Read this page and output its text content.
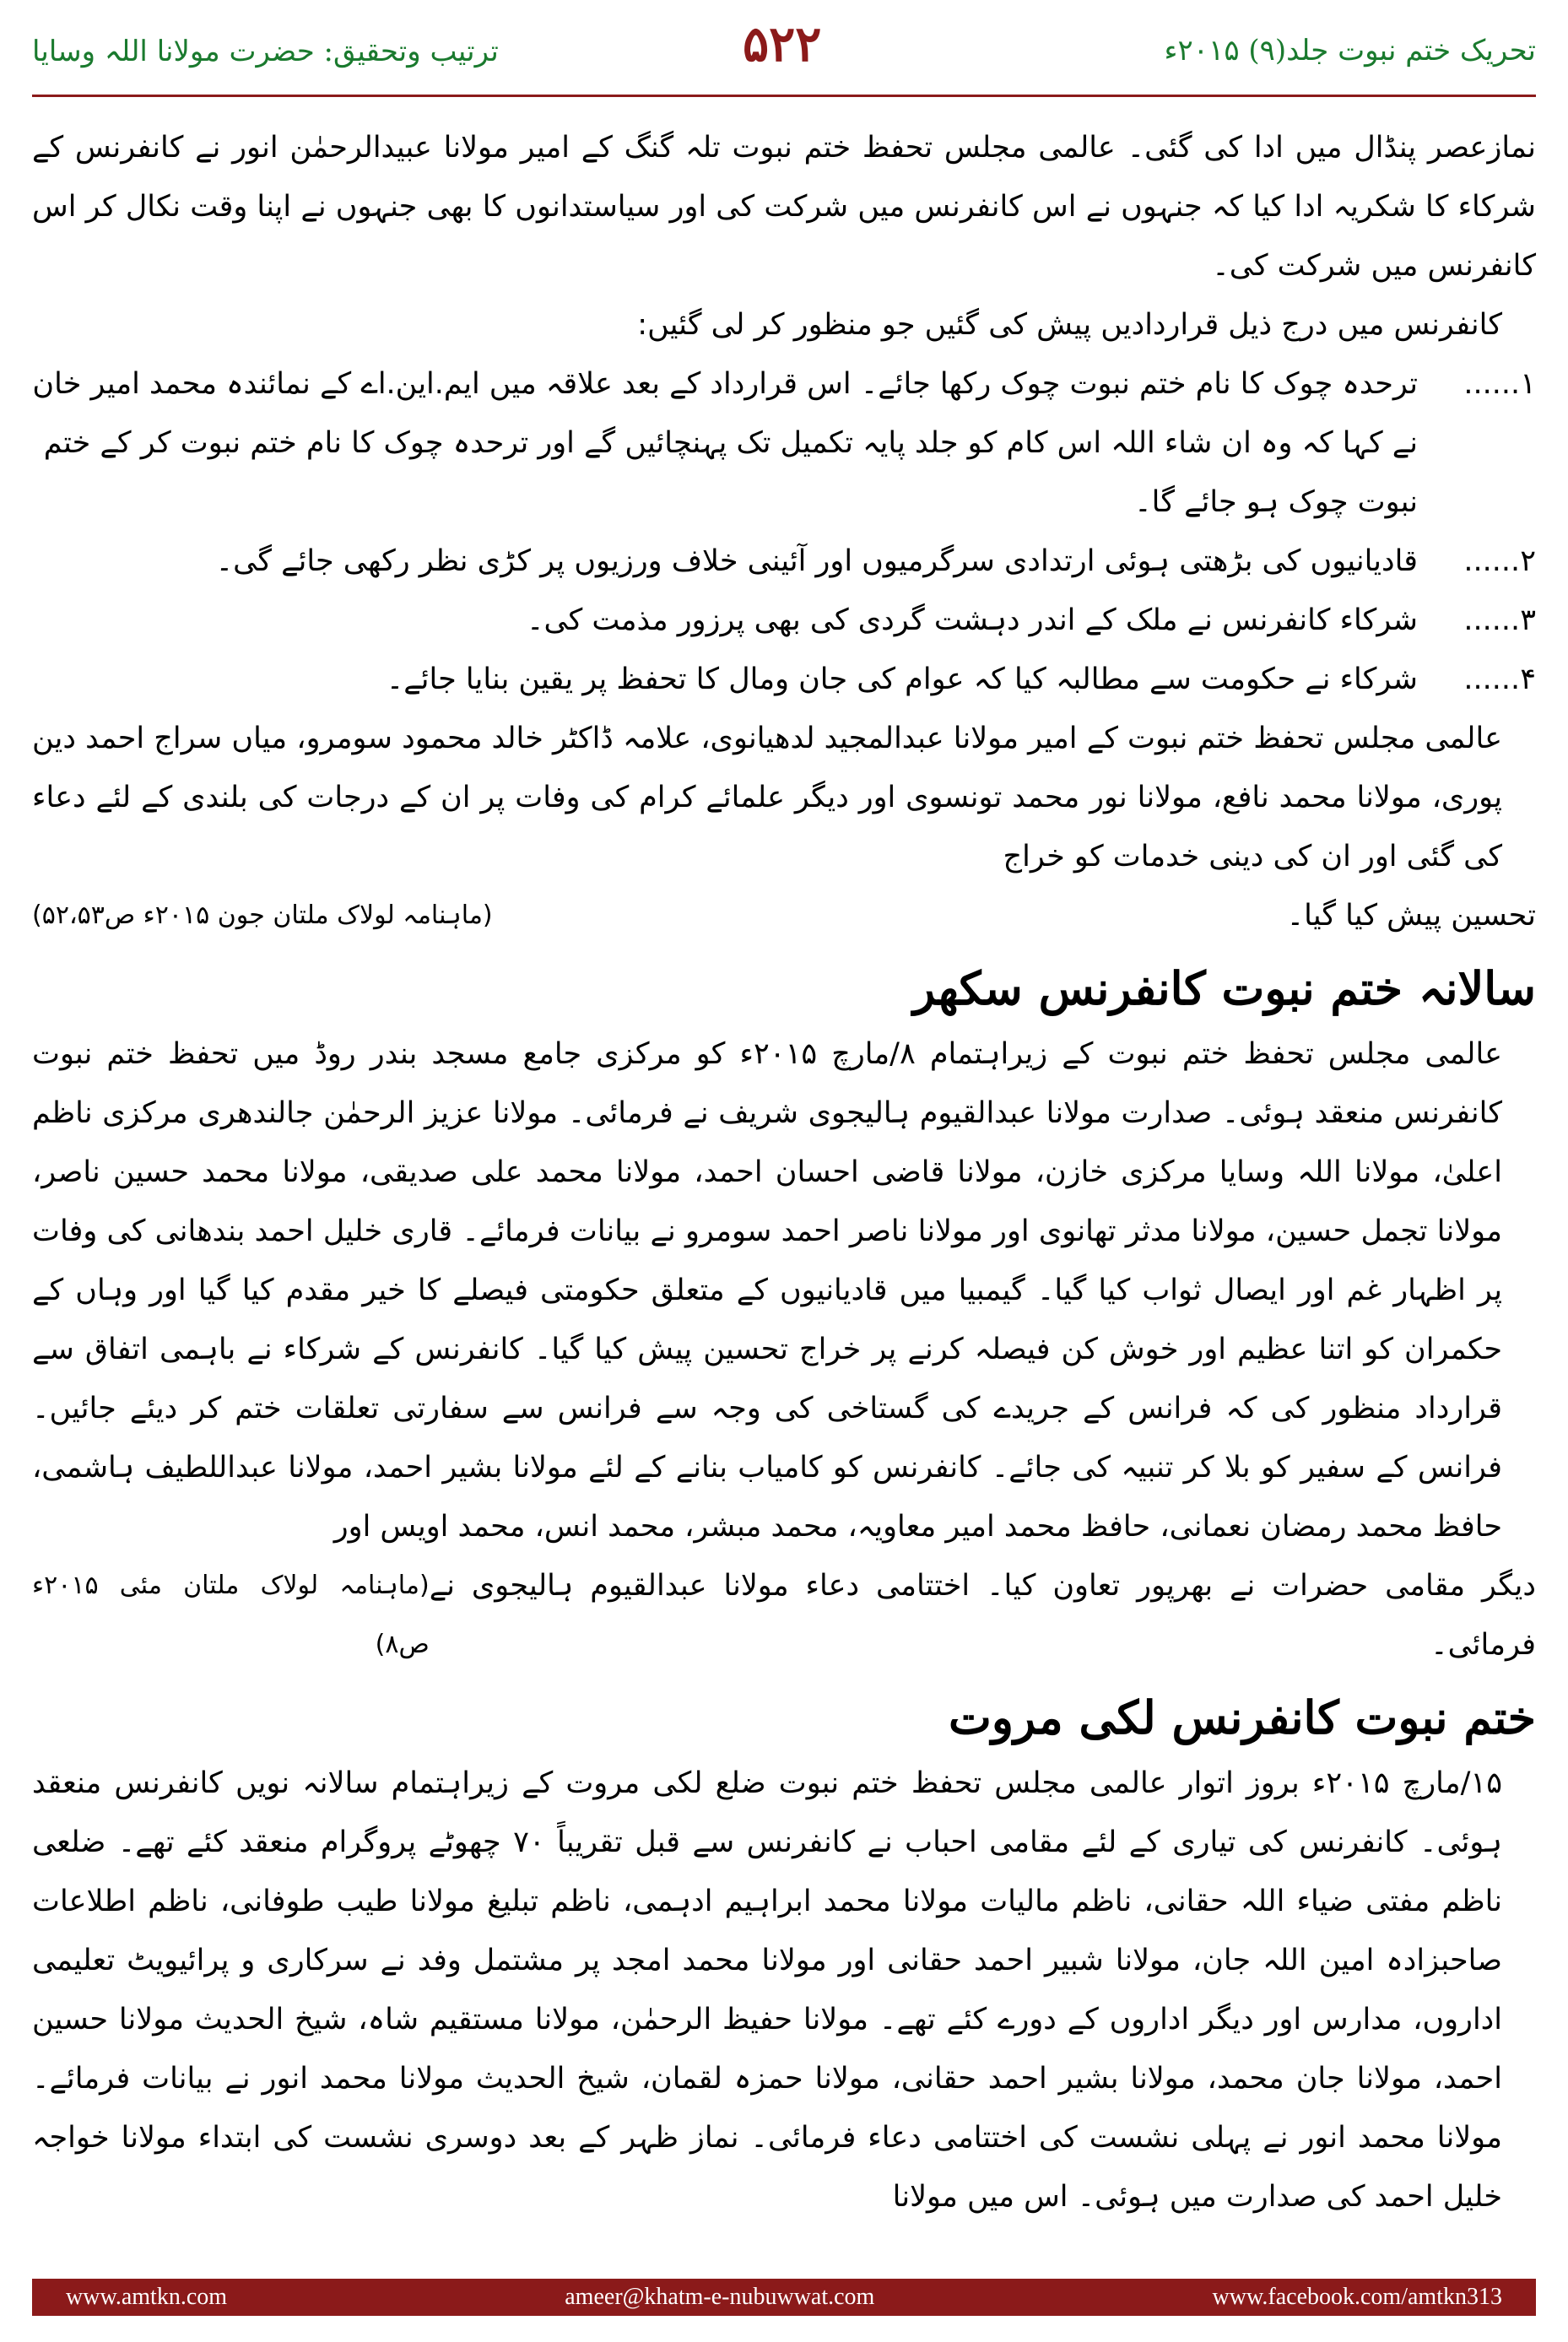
ترتیب وتحقیق: حضرت مولانا اللہ وسایا	۵۲۲	تحریک ختم نبوت جلد(۹) ۲۰۱۵ء

نمازعصر پنڈال میں ادا کی گئی۔ عالمی مجلس تحفظ ختم نبوت تلہ گنگ کے امیر مولانا عبیدالرحمٰن انور نے کانفرنس کے شرکاء کا شکریہ ادا کیا کہ جنہوں نے اس کانفرنس میں شرکت کی اور سیاستدانوں کا بھی جنہوں نے اپنا وقت نکال کر اس کانفرنس میں شرکت کی۔

کانفرنس میں درج ذیل قراردادیں پیش کی گئیں جو منظور کر لی گئیں:

۱......
ترحدہ چوک کا نام ختم نبوت چوک رکھا جائے۔ اس قرارداد کے بعد علاقہ میں ایم.این.اے کے نمائندہ محمد امیر خان نے کہا کہ وہ ان شاء اللہ اس کام کو جلد پایہ تکمیل تک پہنچائیں گے اور ترحدہ چوک کا نام ختم نبوت کر کے ختم نبوت چوک ہو جائے گا۔
۲......
قادیانیوں کی بڑھتی ہوئی ارتدادی سرگرمیوں اور آئینی خلاف ورزیوں پر کڑی نظر رکھی جائے گی۔
۳......
شرکاء کانفرنس نے ملک کے اندر دہشت گردی کی بھی پرزور مذمت کی۔
۴......
شرکاء نے حکومت سے مطالبہ کیا کہ عوام کی جان ومال کا تحفظ پر یقین بنایا جائے۔

عالمی مجلس تحفظ ختم نبوت کے امیر مولانا عبدالمجید لدھیانوی، علامہ ڈاکٹر خالد محمود سومرو، میاں سراج احمد دین پوری، مولانا محمد نافع، مولانا نور محمد تونسوی اور دیگر علمائے کرام کی وفات پر ان کے درجات کی بلندی کے لئے دعاء کی گئی اور ان کی دینی خدمات کو خراج

تحسین پیش کیا گیا۔
(ماہنامہ لولاک ملتان جون ۲۰۱۵ء ص۵۲،۵۳)
سالانہ ختم نبوت کانفرنس سکھر

عالمی مجلس تحفظ ختم نبوت کے زیراہتمام ۸/مارچ ۲۰۱۵ء کو مرکزی جامع مسجد بندر روڈ میں تحفظ ختم نبوت کانفرنس منعقد ہوئی۔ صدارت مولانا عبدالقیوم ہالیجوی شریف نے فرمائی۔ مولانا عزیز الرحمٰن جالندھری مرکزی ناظم اعلیٰ، مولانا اللہ وسایا مرکزی خازن، مولانا قاضی احسان احمد، مولانا محمد علی صدیقی، مولانا محمد حسین ناصر، مولانا تجمل حسین، مولانا مدثر تھانوی اور مولانا ناصر احمد سومرو نے بیانات فرمائے۔ قاری خلیل احمد بندھانی کی وفات پر اظہار غم اور ایصال ثواب کیا گیا۔ گیمبیا میں قادیانیوں کے متعلق حکومتی فیصلے کا خیر مقدم کیا گیا اور وہاں کے حکمران کو اتنا عظیم اور خوش کن فیصلہ کرنے پر خراج تحسین پیش کیا گیا۔ کانفرنس کے شرکاء نے باہمی اتفاق سے قرارداد منظور کی کہ فرانس کے جریدے کی گستاخی کی وجہ سے فرانس سے سفارتی تعلقات ختم کر دیئے جائیں۔ فرانس کے سفیر کو بلا کر تنبیہ کی جائے۔ کانفرنس کو کامیاب بنانے کے لئے مولانا بشیر احمد، مولانا عبداللطیف ہاشمی، حافظ محمد رمضان نعمانی، حافظ محمد امیر معاویہ، محمد مبشر، محمد انس، محمد اویس اور

دیگر مقامی حضرات نے بھرپور تعاون کیا۔ اختتامی دعاء مولانا عبدالقیوم ہالیجوی نے فرمائی۔
(ماہنامہ لولاک ملتان مئی ۲۰۱۵ء ص۸)
ختم نبوت کانفرنس لکی مروت

۱۵/مارچ ۲۰۱۵ء بروز اتوار عالمی مجلس تحفظ ختم نبوت ضلع لکی مروت کے زیراہتمام سالانہ نویں کانفرنس منعقد ہوئی۔ کانفرنس کی تیاری کے لئے مقامی احباب نے کانفرنس سے قبل تقریباً ۷۰ چھوٹے پروگرام منعقد کئے تھے۔ ضلعی ناظم مفتی ضیاء اللہ حقانی، ناظم مالیات مولانا محمد ابراہیم ادہمی، ناظم تبلیغ مولانا طیب طوفانی، ناظم اطلاعات صاحبزادہ امین اللہ جان، مولانا شبیر احمد حقانی اور مولانا محمد امجد پر مشتمل وفد نے سرکاری و پرائیویٹ تعلیمی اداروں، مدارس اور دیگر اداروں کے دورے کئے تھے۔ مولانا حفیظ الرحمٰن، مولانا مستقیم شاہ، شیخ الحدیث مولانا حسین احمد، مولانا جان محمد، مولانا بشیر احمد حقانی، مولانا حمزہ لقمان، شیخ الحدیث مولانا محمد انور نے بیانات فرمائے۔ مولانا محمد انور نے پہلی نشست کی اختتامی دعاء فرمائی۔ نماز ظہر کے بعد دوسری نشست کی ابتداء مولانا خواجہ خلیل احمد کی صدارت میں ہوئی۔ اس میں مولانا

www.amtkn.com	ameer@khatm-e-nubuwwat.com	www.facebook.com/amtkn313
